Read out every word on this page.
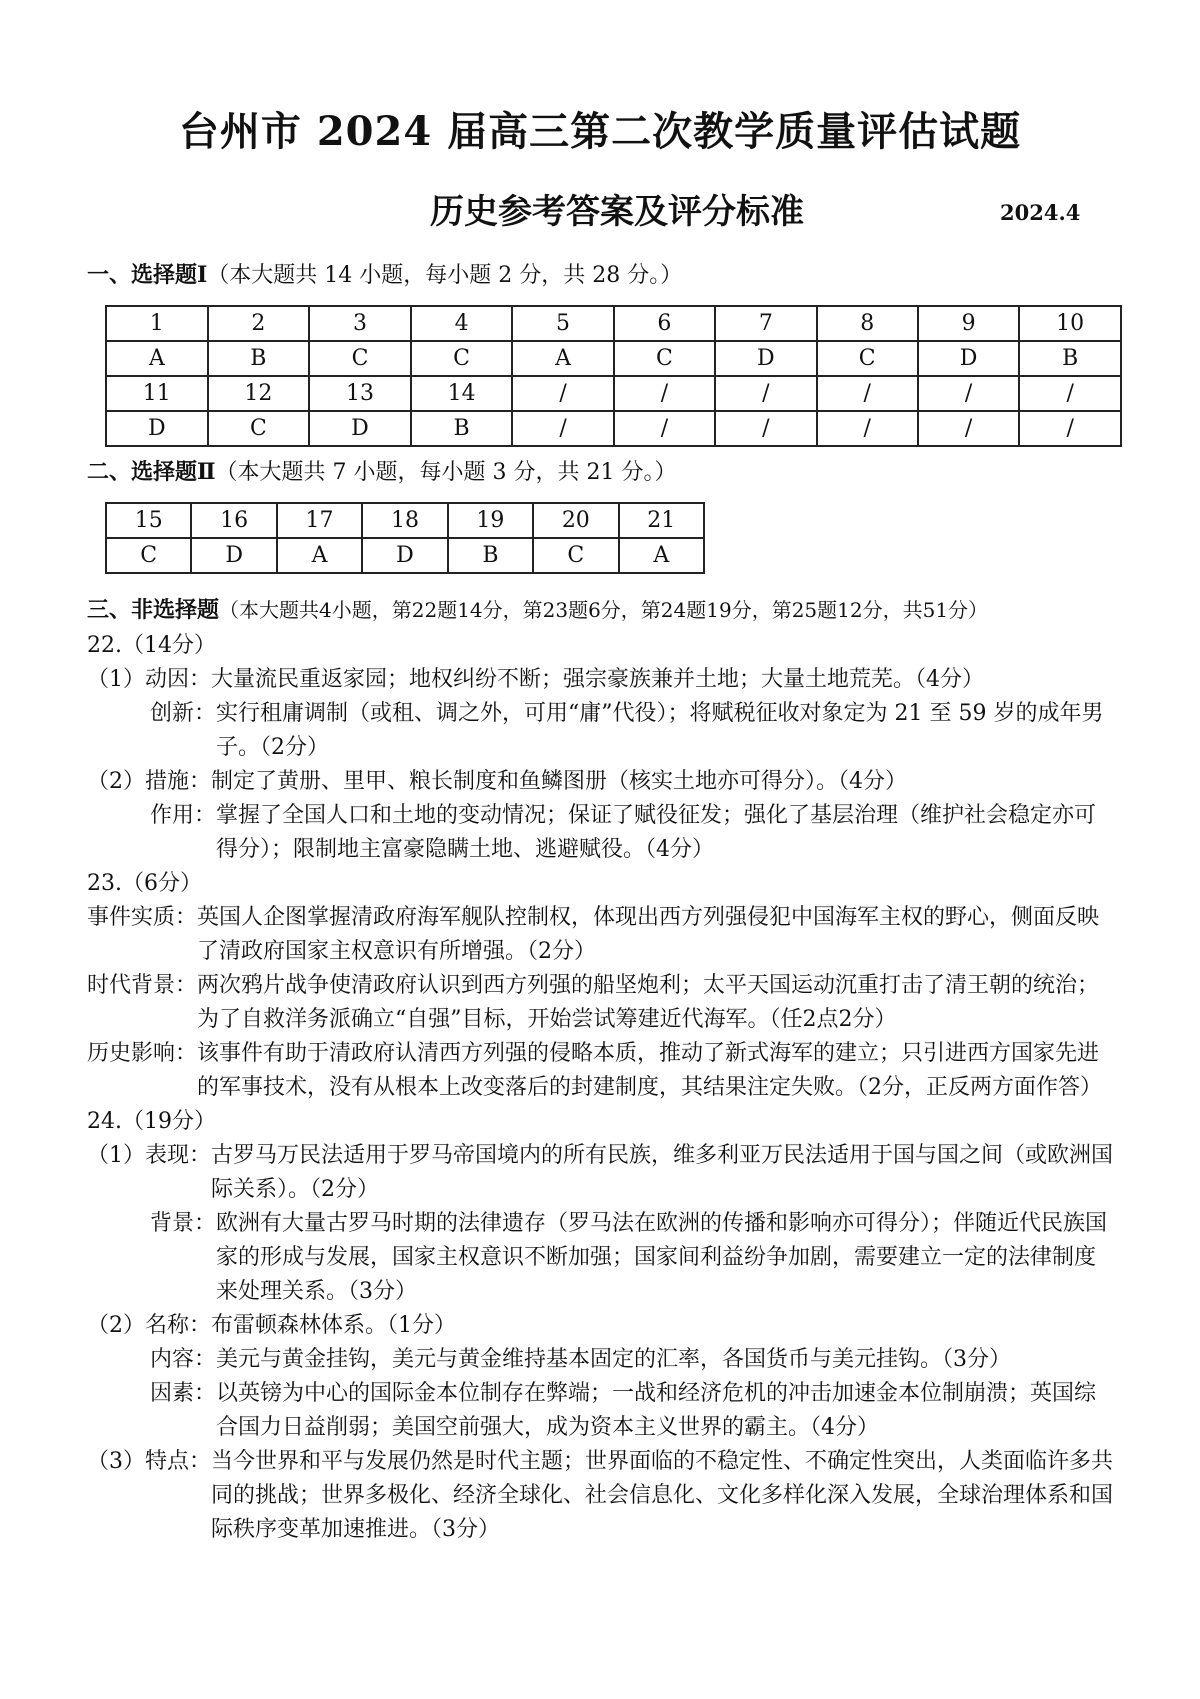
台州市 2024 届高三第二次教学质量评估试题
历史参考答案及评分标准	2024.4
一、选择题Ⅰ（本大题共 14 小题，每小题 2 分，共 28 分。）
1	2	3	4	5	6	7	8	9	10
A	B	C	C	A	C	D	C	D	B
11	12	13	14	/	/	/	/	/	/
D	C	D	B	/	/	/	/	/	/
二、选择题Ⅱ（本大题共 7 小题，每小题 3 分，共 21 分。）
15	16	17	18	19	20	21
C	D	A	D	B	C	A
三、非选择题（本大题共4小题，第22题14分，第23题6分，第24题19分，第25题12分，共51分）
22.（14分）
（1） 动因： 大量流民重返家园；地权纠纷不断；强宗豪族兼并土地；大量土地荒芜。（4分）
创新： 实行租庸调制（或租、调之外，可用“庸”代役）；将赋税征收对象定为 21 至 59 岁的成年男子。（2分）
（2） 措施： 制定了黄册、里甲、粮长制度和鱼鳞图册（核实土地亦可得分）。（4分）
作用： 掌握了全国人口和土地的变动情况；保证了赋役征发；强化了基层治理（维护社会稳定亦可得分）；限制地主富豪隐瞒土地、逃避赋役。（4分）
23.（6分）
事件实质： 英国人企图掌握清政府海军舰队控制权，体现出西方列强侵犯中国海军主权的野心，侧面反映了清政府国家主权意识有所增强。（2分）
时代背景： 两次鸦片战争使清政府认识到西方列强的船坚炮利；太平天国运动沉重打击了清王朝的统治；为了自救洋务派确立“自强”目标，开始尝试筹建近代海军。（任2点2分）
历史影响： 该事件有助于清政府认清西方列强的侵略本质，推动了新式海军的建立；只引进西方国家先进的军事技术，没有从根本上改变落后的封建制度，其结果注定失败。（2分，正反两方面作答）
24.（19分）
（1） 表现： 古罗马万民法适用于罗马帝国境内的所有民族，维多利亚万民法适用于国与国之间（或欧洲国际关系）。（2分）
背景： 欧洲有大量古罗马时期的法律遗存（罗马法在欧洲的传播和影响亦可得分）；伴随近代民族国家的形成与发展，国家主权意识不断加强；国家间利益纷争加剧，需要建立一定的法律制度来处理关系。（3分）
（2） 名称： 布雷顿森林体系。（1分）
内容： 美元与黄金挂钩，美元与黄金维持基本固定的汇率，各国货币与美元挂钩。（3分）
因素： 以英镑为中心的国际金本位制存在弊端；一战和经济危机的冲击加速金本位制崩溃；英国综合国力日益削弱；美国空前强大，成为资本主义世界的霸主。（4分）
（3） 特点： 当今世界和平与发展仍然是时代主题；世界面临的不稳定性、不确定性突出，人类面临许多共同的挑战；世界多极化、经济全球化、社会信息化、文化多样化深入发展，全球治理体系和国际秩序变革加速推进。（3分）
